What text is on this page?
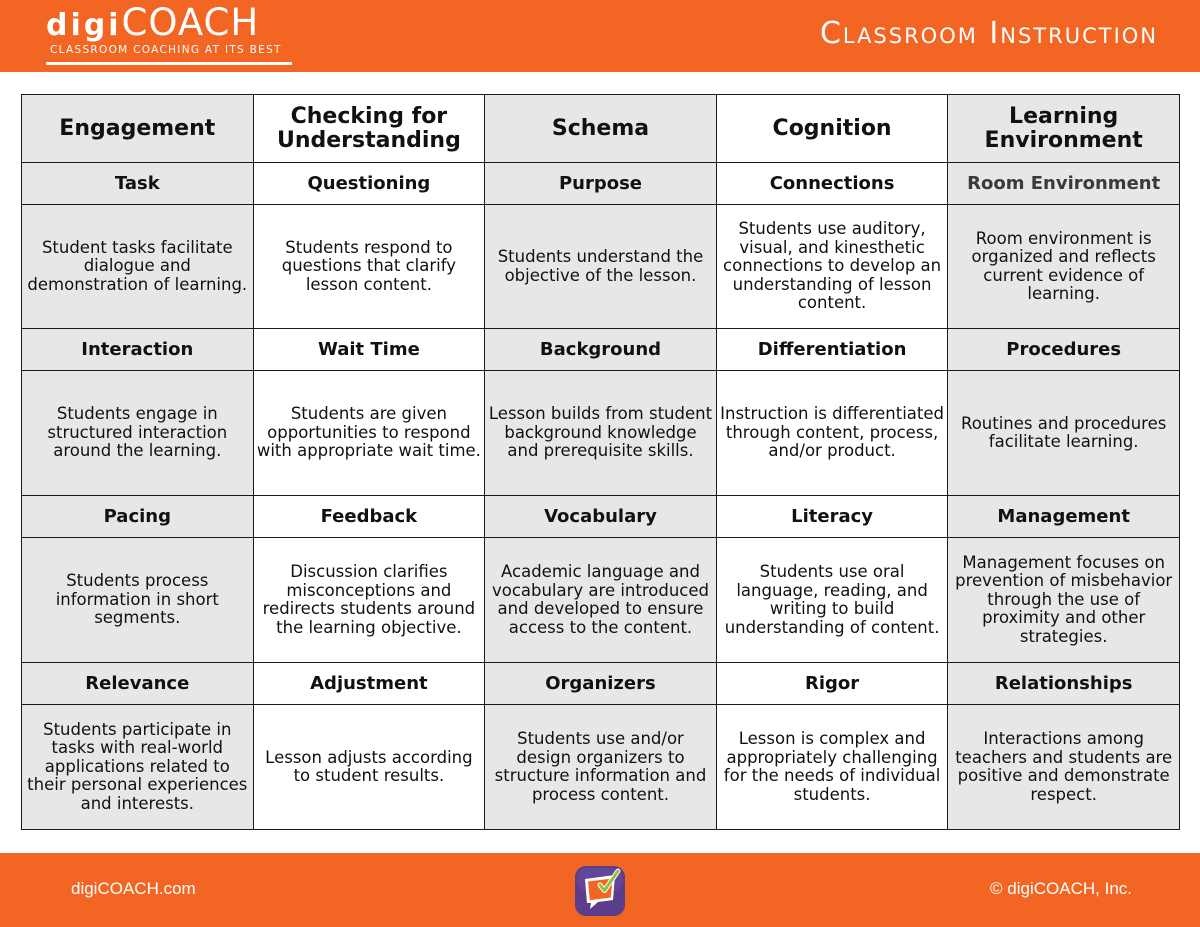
digiCOACH
CLASSROOM COACHING AT ITS BEST	Classroom Instruction
Engagement	Checking for Understanding	Schema	Cognition	Learning Environment
Task	Questioning	Purpose	Connections	Room Environment
Student tasks facilitate dialogue and demonstration of learning.	Students respond to questions that clarify lesson content.	Students understand the objective of the lesson.	Students use auditory, visual, and kinesthetic connections to develop an understanding of lesson content.	Room environment is organized and reflects current evidence of learning.
Interaction	Wait Time	Background	Differentiation	Procedures
Students engage in structured interaction around the learning.	Students are given opportunities to respond with appropriate wait time.	Lesson builds from student background knowledge and prerequisite skills.	Instruction is differentiated through content, process, and/or product.	Routines and procedures facilitate learning.
Pacing	Feedback	Vocabulary	Literacy	Management
Students process information in short segments.	Discussion clarifies misconceptions and redirects students around the learning objective.	Academic language and vocabulary are introduced and developed to ensure access to the content.	Students use oral language, reading, and writing to build understanding of content.	Management focuses on prevention of misbehavior through the use of proximity and other strategies.
Relevance	Adjustment	Organizers	Rigor	Relationships
Students participate in tasks with real-world applications related to their personal experiences and interests.	Lesson adjusts according to student results.	Students use and/or design organizers to structure information and process content.	Lesson is complex and appropriately challenging for the needs of individual students.	Interactions among teachers and students are positive and demonstrate respect.
digiCOACH.com	© digiCOACH, Inc.
